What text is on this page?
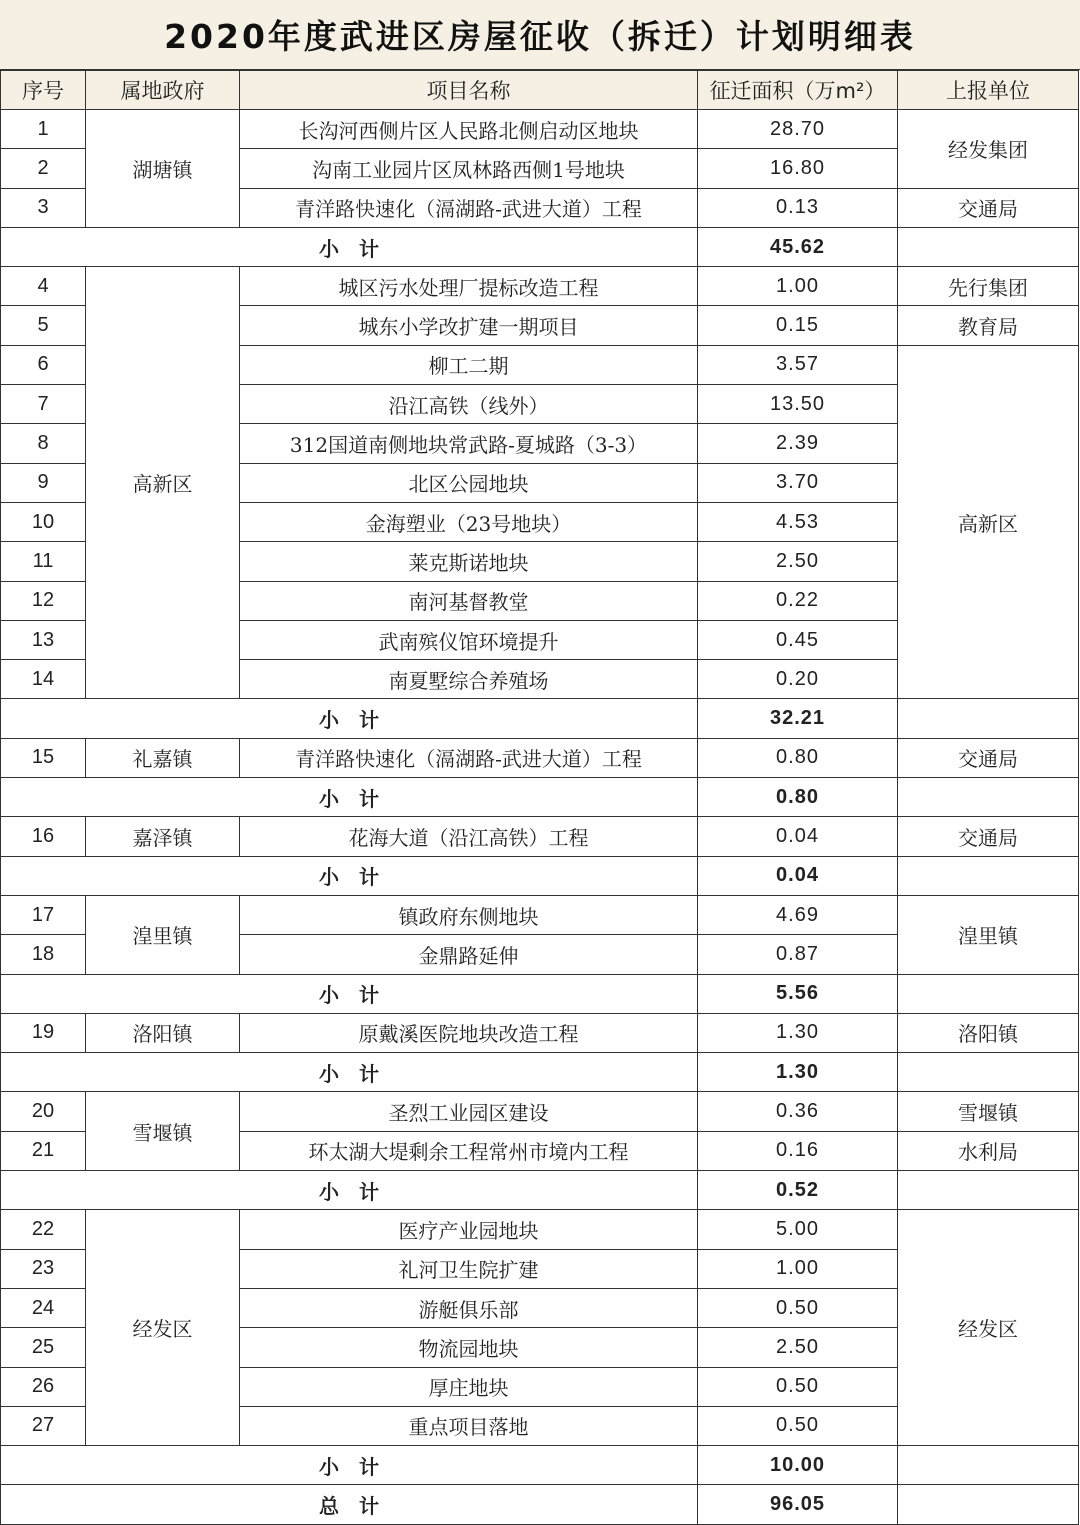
2020年度武进区房屋征收（拆迁）计划明细表
序号	属地政府	项目名称	征迁面积（万m²）	上报单位
1	湖塘镇	长沟河西侧片区人民路北侧启动区地块	28.70	经发集团
2		沟南工业园片区凤林路西侧1号地块	16.80	
3		青洋路快速化（滆湖路-武进大道）工程	0.13	交通局
小　计			45.62	
4	高新区	城区污水处理厂提标改造工程	1.00	先行集团
5		城东小学改扩建一期项目	0.15	教育局
6		柳工二期	3.57	高新区
7		沿江高铁（线外）	13.50	
8		312国道南侧地块常武路-夏城路（3-3）	2.39	
9		北区公园地块	3.70	
10		金海塑业（23号地块）	4.53	
11		莱克斯诺地块	2.50	
12		南河基督教堂	0.22	
13		武南殡仪馆环境提升	0.45	
14		南夏墅综合养殖场	0.20	
小　计			32.21	
15	礼嘉镇	青洋路快速化（滆湖路-武进大道）工程	0.80	交通局
小　计			0.80	
16	嘉泽镇	花海大道（沿江高铁）工程	0.04	交通局
小　计			0.04	
17	湟里镇	镇政府东侧地块	4.69	湟里镇
18		金鼎路延伸	0.87	
小　计			5.56	
19	洛阳镇	原戴溪医院地块改造工程	1.30	洛阳镇
小　计			1.30	
20	雪堰镇	圣烈工业园区建设	0.36	雪堰镇
21		环太湖大堤剩余工程常州市境内工程	0.16	水利局
小　计			0.52	
22	经发区	医疗产业园地块	5.00	经发区
23		礼河卫生院扩建	1.00	
24		游艇俱乐部	0.50	
25		物流园地块	2.50	
26		厚庄地块	0.50	
27		重点项目落地	0.50	
小　计			10.00	
总　计			96.05	
